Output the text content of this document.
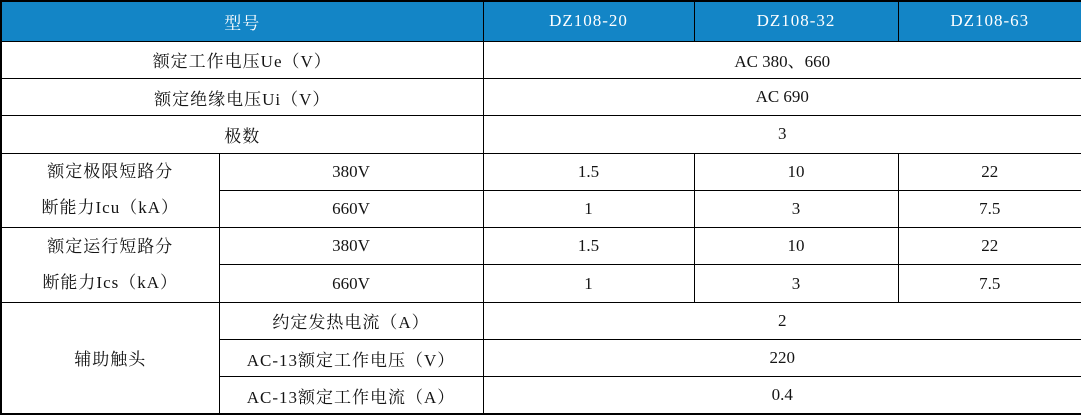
型号		DZ108-20	DZ108-32	DZ108-63
额定工作电压Ue（V）		AC 380、660		
额定绝缘电压Ui（V）		AC 690		
极数		3		

额定极限短路分
断能力Icu（kA）	380V	1.5	10	22
	660V	1	3	7.5

额定运行短路分
断能力Ics（kA）	380V	1.5	10	22
	660V	1	3	7.5
辅助触头	约定发热电流（A）	2		
	AC-13额定工作电压（V）	220		
	AC-13额定工作电流（A）	0.4		
